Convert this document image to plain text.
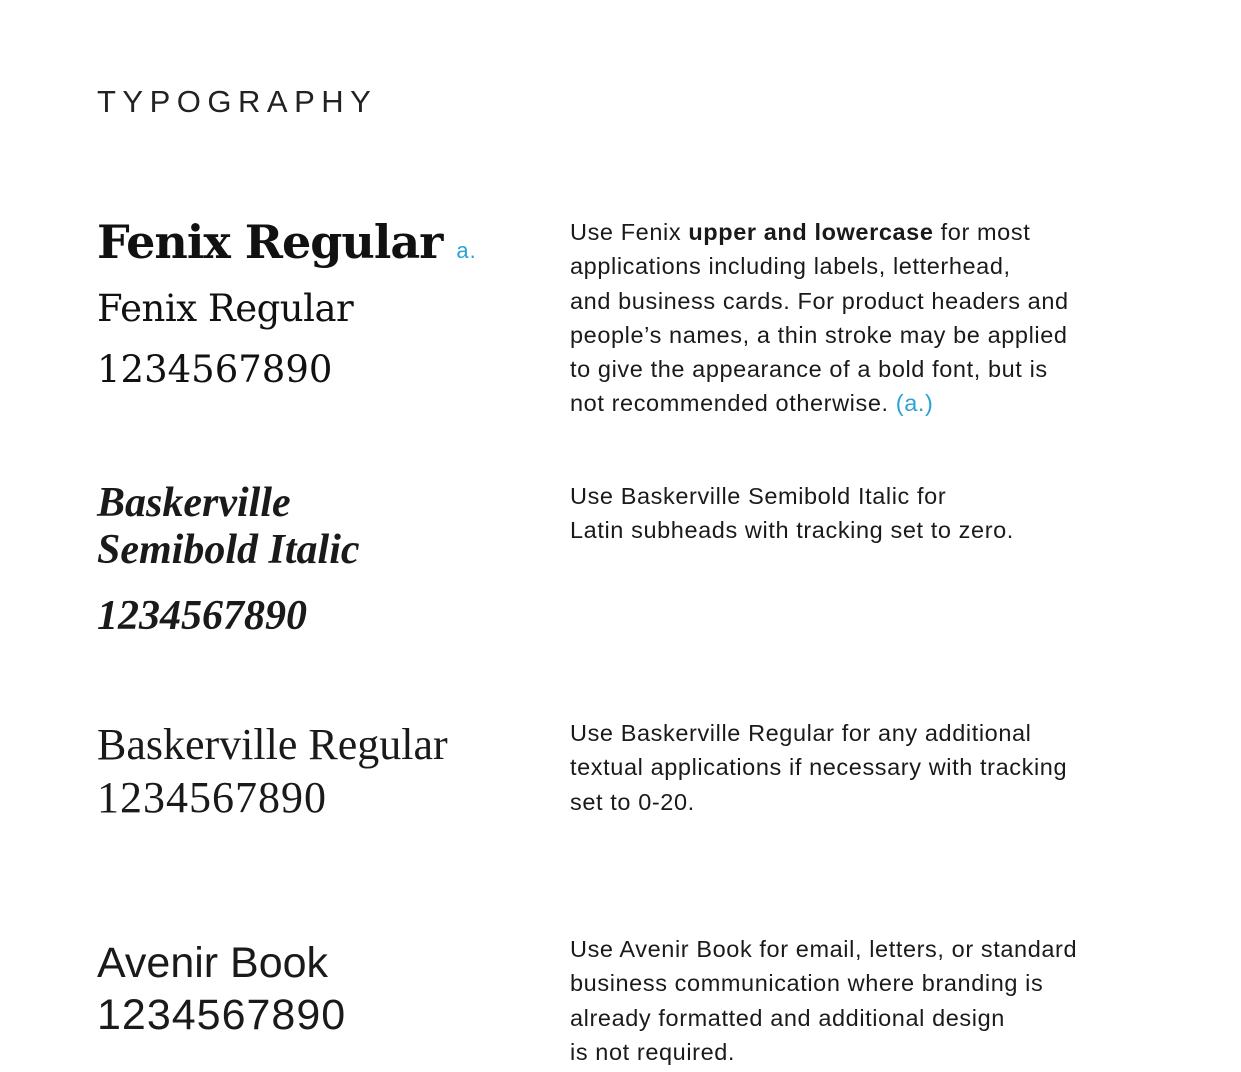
TYPOGRAPHY
Fenix Regular a.
Fenix Regular
1234567890
Use Fenix upper and lowercase for most
applications including labels, letterhead,
and business cards. For product headers and
people’s names, a thin stroke may be applied
to give the appearance of a bold font, but is
not recommended otherwise. (a.)
Baskerville
Semibold Italic
1234567890
Use Baskerville Semibold Italic for
Latin subheads with tracking set to zero.
Baskerville Regular
1234567890
Use Baskerville Regular for any additional
textual applications if necessary with tracking
set to 0-20.
Avenir Book
1234567890
Use Avenir Book for email, letters, or standard
business communication where branding is
already formatted and additional design
is not required.
